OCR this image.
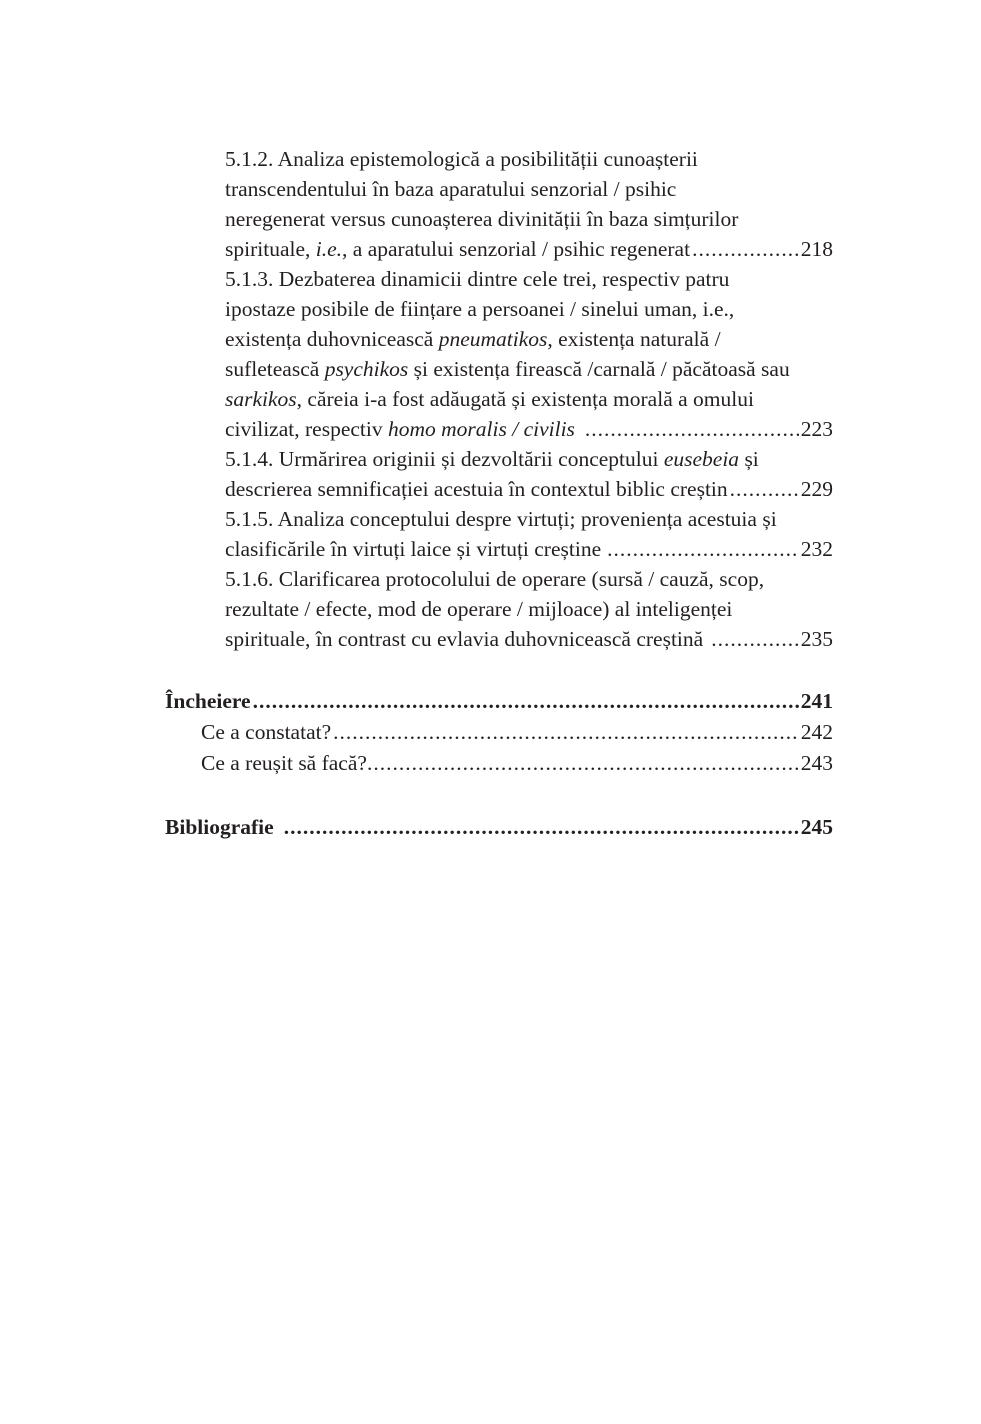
5.1.2. Analiza epistemologică a posibilității cunoașterii
transcendentului în baza aparatului senzorial / psihic
neregenerat versus cunoașterea divinității în baza simțurilor
spirituale, i.e., a aparatului senzorial / psihic regenerat .....	218
5.1.3. Dezbaterea dinamicii dintre cele trei, respectiv patru
ipostaze posibile de ființare a persoanei / sinelui uman, i.e.,
existența duhovnicească pneumatikos, existența naturală /
sufletească psychikos și existența firească /carnală / păcătoasă sau
sarkikos, căreia i-a fost adăugată și existența morală a omului
civilizat, respectiv homo moralis / civilis .....	223
5.1.4. Urmărirea originii și dezvoltării conceptului eusebeia și
descrierea semnificației acestuia în contextul biblic creștin .....	229
5.1.5. Analiza conceptului despre virtuți; proveniența acestuia și
clasificările în virtuți laice și virtuți creștine .....	232
5.1.6. Clarificarea protocolului de operare (sursă / cauză, scop,
rezultate / efecte, mod de operare / mijloace) al inteligenței
spirituale, în contrast cu evlavia duhovnicească creștină .....	235
Încheiere .....	241
Ce a constatat? .....	242
Ce a reușit să facă? .....	243
Bibliografie .....	245
